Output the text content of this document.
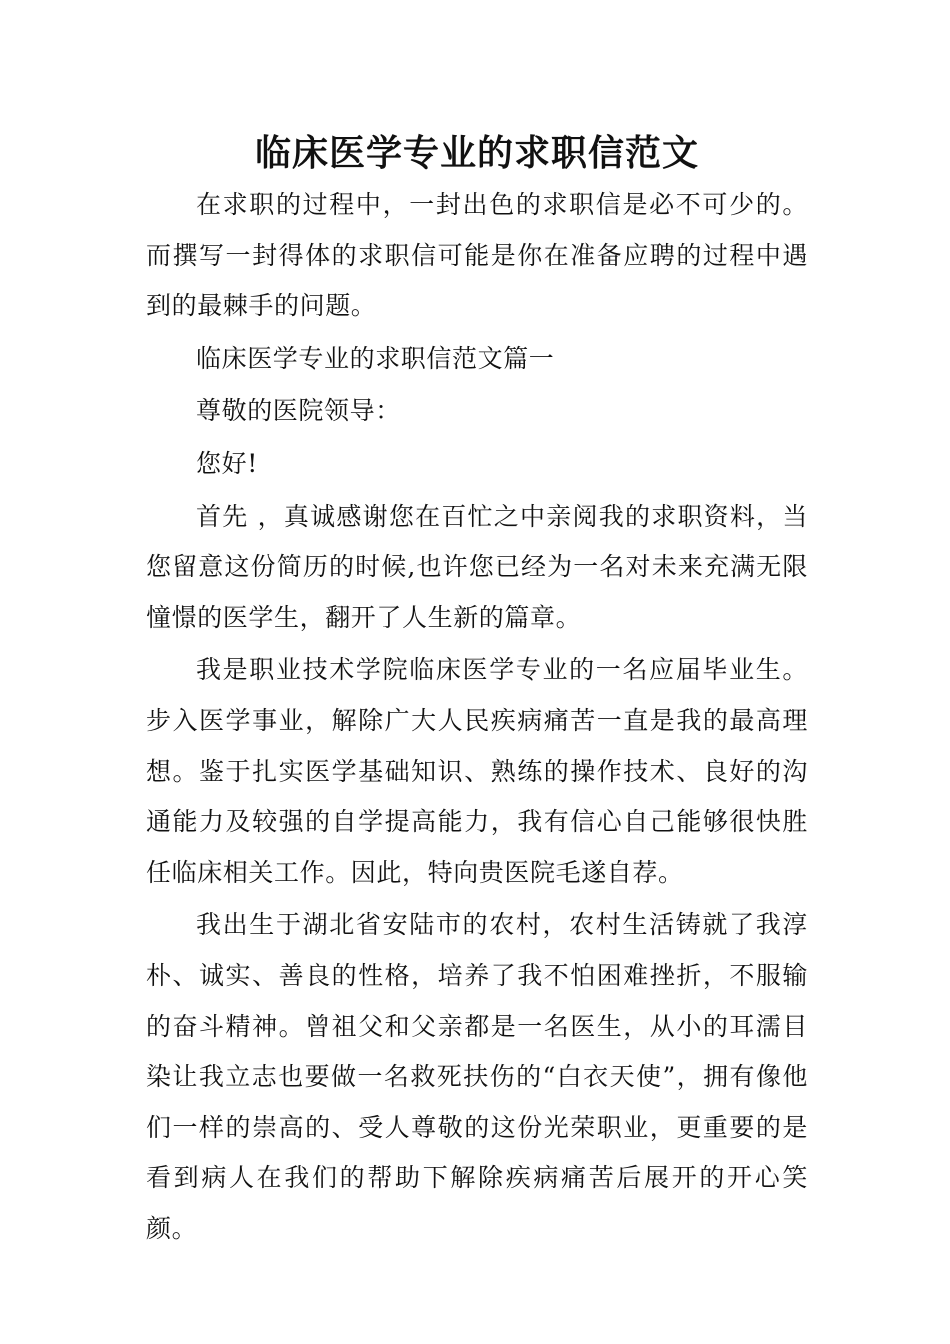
临床医学专业的求职信范文

在求职的过程中，一封出色的求职信是必不可少的。而撰写一封得体的求职信可能是你在准备应聘的过程中遇到的最棘手的问题。

临床医学专业的求职信范文篇一

尊敬的医院领导：

您好!

首先 ，真诚感谢您在百忙之中亲阅我的求职资料，当您留意这份简历的时候,也许您已经为一名对未来充满无限憧憬的医学生，翻开了人生新的篇章。

我是职业技术学院临床医学专业的一名应届毕业生。步入医学事业，解除广大人民疾病痛苦一直是我的最高理想。鉴于扎实医学基础知识、熟练的操作技术、良好的沟通能力及较强的自学提高能力，我有信心自己能够很快胜任临床相关工作。因此，特向贵医院毛遂自荐。

我出生于湖北省安陆市的农村，农村生活铸就了我淳朴、诚实、善良的性格，培养了我不怕困难挫折，不服输的奋斗精神。曾祖父和父亲都是一名医生，从小的耳濡目染让我立志也要做一名救死扶伤的“白衣天使”，拥有像他们一样的崇高的、受人尊敬的这份光荣职业，更重要的是看到病人在我们的帮助下解除疾病痛苦后展开的开心笑颜。
